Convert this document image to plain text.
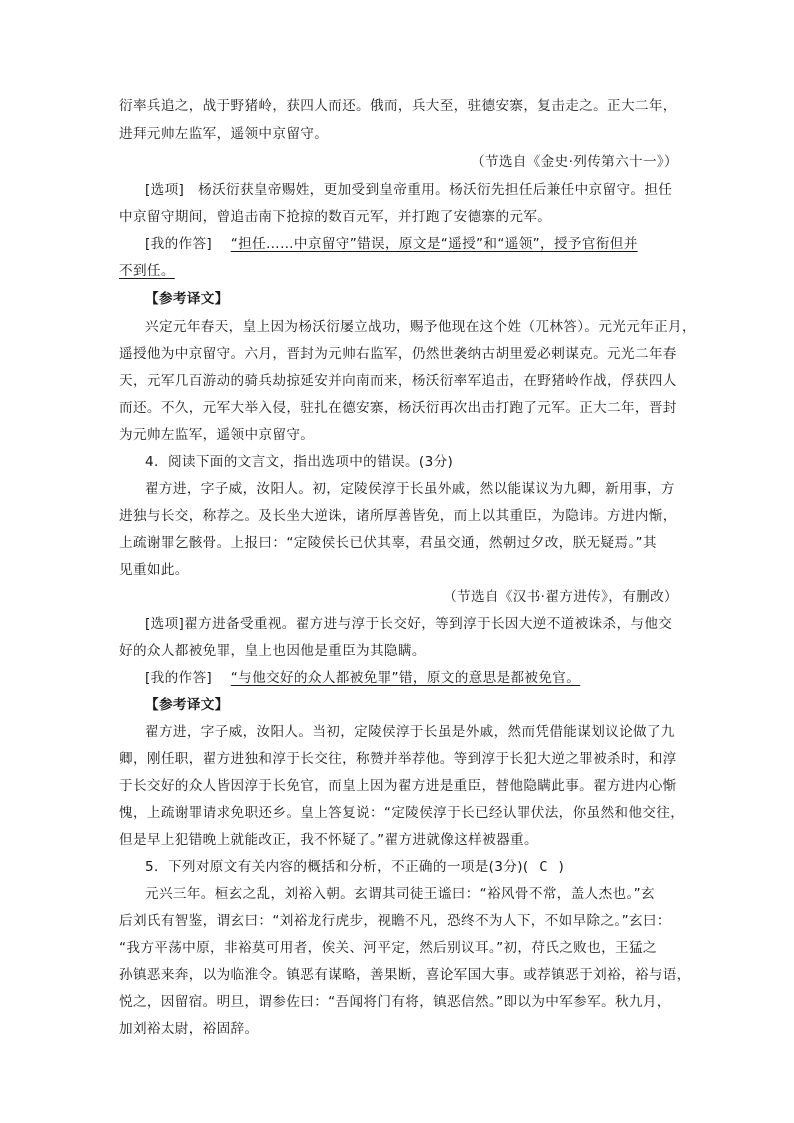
衍率兵追之，战于野猪岭，获四人而还。俄而，兵大至，驻德安寨，复击走之。正大二年，
进拜元帅左监军，遥领中京留守。
（节选自《金史·列传第六十一》）
[选项]　杨沃衍获皇帝赐姓，更加受到皇帝重用。杨沃衍先担任后兼任中京留守。担任
中京留守期间，曾追击南下抢掠的数百元军，并打跑了安德寨的元军。
[我的作答] “担任……中京留守”错误，原文是“遥授”和“遥领”，授予官衔但并
不到任。
【参考译文】
兴定元年春天，皇上因为杨沃衍屡立战功，赐予他现在这个姓（兀林答）。元光元年正月，
遥授他为中京留守。六月，晋封为元帅右监军，仍然世袭纳古胡里爱必剌谋克。元光二年春
天，元军几百游动的骑兵劫掠延安并向南而来，杨沃衍率军追击，在野猪岭作战，俘获四人
而还。不久，元军大举入侵，驻扎在德安寨，杨沃衍再次出击打跑了元军。正大二年，晋封
为元帅左监军，遥领中京留守。
4．阅读下面的文言文，指出选项中的错误。(3分)
翟方进，字子威，汝阳人。初，定陵侯淳于长虽外戚，然以能谋议为九卿，新用事，方
进独与长交，称荐之。及长坐大逆诛，诸所厚善皆免，而上以其重臣，为隐讳。方进内惭，
上疏谢罪乞骸骨。上报曰：“定陵侯长已伏其辜，君虽交通，然朝过夕改，朕无疑焉。”其
见重如此。
（节选自《汉书·翟方进传》，有删改）
[选项]翟方进备受重视。翟方进与淳于长交好，等到淳于长因大逆不道被诛杀，与他交
好的众人都被免罪，皇上也因他是重臣为其隐瞒。
[我的作答] “与他交好的众人都被免罪”错，原文的意思是都被免官。
【参考译文】
翟方进，字子威，汝阳人。当初，定陵侯淳于长虽是外戚，然而凭借能谋划议论做了九
卿，刚任职，翟方进独和淳于长交往，称赞并举荐他。等到淳于长犯大逆之罪被杀时，和淳
于长交好的众人皆因淳于长免官，而皇上因为翟方进是重臣，替他隐瞒此事。翟方进内心惭
愧，上疏谢罪请求免职还乡。皇上答复说：“定陵侯淳于长已经认罪伏法，你虽然和他交往，
但是早上犯错晚上就能改正，我不怀疑了。”翟方进就像这样被器重。
5．下列对原文有关内容的概括和分析，不正确的一项是(3分)( C )
元兴三年。桓玄之乱，刘裕入朝。玄谓其司徒王谧曰：“裕风骨不常，盖人杰也。”玄
后刘氏有智鉴，谓玄曰：“刘裕龙行虎步，视瞻不凡，恐终不为人下，不如早除之。”玄曰：
“我方平荡中原，非裕莫可用者，俟关、河平定，然后别议耳。”初，苻氏之败也，王猛之
孙镇恶来奔，以为临淮令。镇恶有谋略，善果断，喜论军国大事。或荐镇恶于刘裕，裕与语，
悦之，因留宿。明旦，谓参佐曰：“吾闻将门有将，镇恶信然。”即以为中军参军。秋九月，
加刘裕太尉，裕固辞。
